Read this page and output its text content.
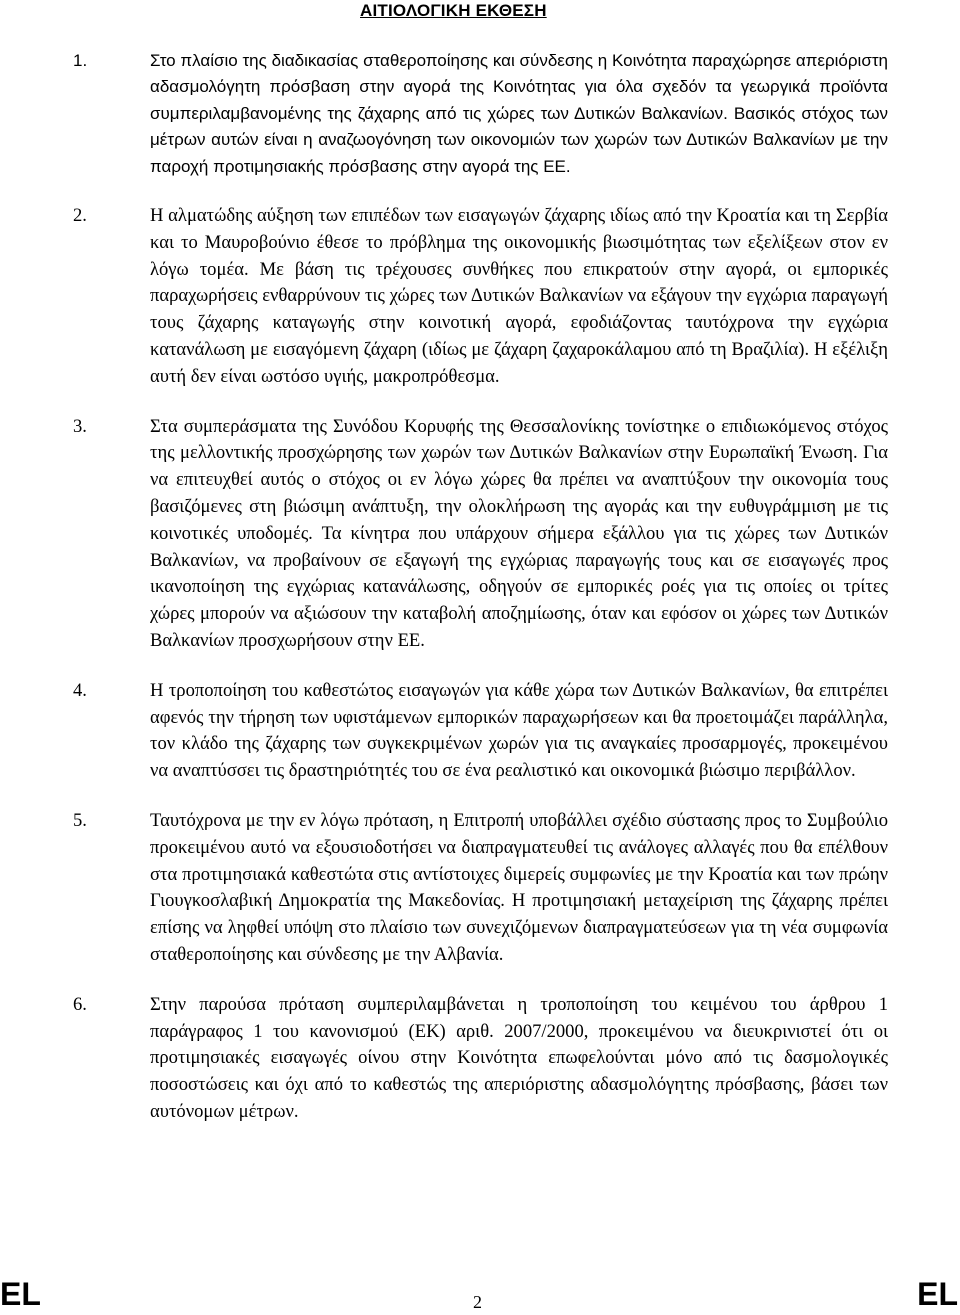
ΑΙΤΙΟΛΟΓΙΚΗ ΕΚΘΕΣΗ
1.	Στο πλαίσιο της διαδικασίας σταθεροποίησης και σύνδεσης η Κοινότητα παραχώρησε απεριόριστη αδασμολόγητη πρόσβαση στην αγορά της Κοινότητας για όλα σχεδόν τα γεωργικά προϊόντα συμπεριλαμβανομένης της ζάχαρης από τις χώρες των Δυτικών Βαλκανίων. Βασικός στόχος των μέτρων αυτών είναι η αναζωογόνηση των οικονομιών των χωρών των Δυτικών Βαλκανίων με την παροχή προτιμησιακής πρόσβασης στην αγορά της ΕΕ.

2.	Η αλματώδης αύξηση των επιπέδων των εισαγωγών ζάχαρης ιδίως από την Κροατία και τη Σερβία και το Μαυροβούνιο έθεσε το πρόβλημα της οικονομικής βιωσιμότητας των εξελίξεων στον εν λόγω τομέα. Με βάση τις τρέχουσες συνθήκες που επικρατούν στην αγορά, οι εμπορικές παραχωρήσεις ενθαρρύνουν τις χώρες των Δυτικών Βαλκανίων να εξάγουν την εγχώρια παραγωγή τους ζάχαρης καταγωγής στην κοινοτική αγορά, εφοδιάζοντας ταυτόχρονα την εγχώρια κατανάλωση με εισαγόμενη ζάχαρη (ιδίως με ζάχαρη ζαχαροκάλαμου από τη Βραζιλία). Η εξέλιξη αυτή δεν είναι ωστόσο υγιής, μακροπρόθεσμα.

3.	Στα συμπεράσματα της Συνόδου Κορυφής της Θεσσαλονίκης τονίστηκε ο επιδιωκόμενος στόχος της μελλοντικής προσχώρησης των χωρών των Δυτικών Βαλκανίων στην Ευρωπαϊκή Ένωση. Για να επιτευχθεί αυτός ο στόχος οι εν λόγω χώρες θα πρέπει να αναπτύξουν την οικονομία τους βασιζόμενες στη βιώσιμη ανάπτυξη, την ολοκλήρωση της αγοράς και την ευθυγράμμιση με τις κοινοτικές υποδομές. Τα κίνητρα που υπάρχουν σήμερα εξάλλου για τις χώρες των Δυτικών Βαλκανίων, να προβαίνουν σε εξαγωγή της εγχώριας παραγωγής τους και σε εισαγωγές προς ικανοποίηση της εγχώριας κατανάλωσης, οδηγούν σε εμπορικές ροές για τις οποίες οι τρίτες χώρες μπορούν να αξιώσουν την καταβολή αποζημίωσης, όταν και εφόσον οι χώρες των Δυτικών Βαλκανίων προσχωρήσουν στην ΕΕ.

4.	Η τροποποίηση του καθεστώτος εισαγωγών για κάθε χώρα των Δυτικών Βαλκανίων, θα επιτρέπει αφενός την τήρηση των υφιστάμενων εμπορικών παραχωρήσεων και θα προετοιμάζει παράλληλα, τον κλάδο της ζάχαρης των συγκεκριμένων χωρών για τις αναγκαίες προσαρμογές, προκειμένου να αναπτύσσει τις δραστηριότητές του σε ένα ρεαλιστικό και οικονομικά βιώσιμο περιβάλλον.

5.	Ταυτόχρονα με την εν λόγω πρόταση, η Επιτροπή υποβάλλει σχέδιο σύστασης προς το Συμβούλιο προκειμένου αυτό να εξουσιοδοτήσει να διαπραγματευθεί τις ανάλογες αλλαγές που θα επέλθουν στα προτιμησιακά καθεστώτα στις αντίστοιχες διμερείς συμφωνίες με την Κροατία και των πρώην Γιουγκοσλαβική Δημοκρατία της Μακεδονίας. Η προτιμησιακή μεταχείριση της ζάχαρης πρέπει επίσης να ληφθεί υπόψη στο πλαίσιο των συνεχιζόμενων διαπραγματεύσεων για τη νέα συμφωνία σταθεροποίησης και σύνδεσης με την Αλβανία.

6.	Στην παρούσα πρόταση συμπεριλαμβάνεται η τροποποίηση του κειμένου του άρθρου 1 παράγραφος 1 του κανονισμού (ΕΚ) αριθ. 2007/2000, προκειμένου να διευκρινιστεί ότι οι προτιμησιακές εισαγωγές οίνου στην Κοινότητα επωφελούνται μόνο από τις δασμολογικές ποσοστώσεις και όχι από το καθεστώς της απεριόριστης αδασμολόγητης πρόσβασης, βάσει των αυτόνομων μέτρων.

EL	2	EL
